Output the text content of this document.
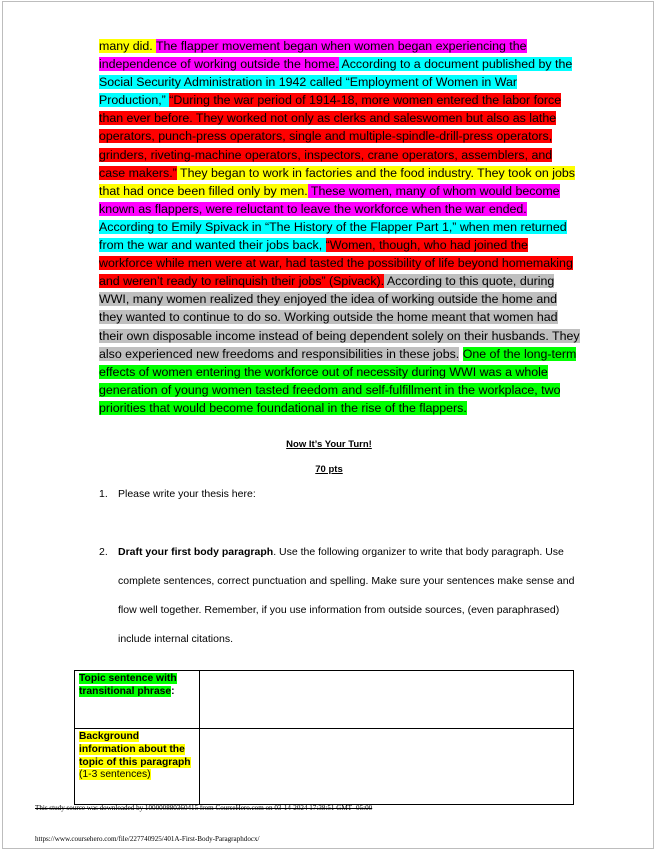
many did. The flapper movement began when women began experiencing the independence of working outside the home. According to a document published by the Social Security Administration in 1942 called “Employment of Women in War Production,” “During the war period of 1914-18, more women entered the labor force than ever before. They worked not only as clerks and saleswomen but also as lathe operators, punch-press operators, single and multiple-spindle-drill-press operators, grinders, riveting-machine operators, inspectors, crane operators, assemblers, and case makers.” They began to work in factories and the food industry. They took on jobs that had once been filled only by men. These women, many of whom would become known as flappers, were reluctant to leave the workforce when the war ended. According to Emily Spivack in “The History of the Flapper Part 1,” when men returned from the war and wanted their jobs back, “Women, though, who had joined the workforce while men were at war, had tasted the possibility of life beyond homemaking and weren’t ready to relinquish their jobs” (Spivack). According to this quote, during WWI, many women realized they enjoyed the idea of working outside the home and they wanted to continue to do so. Working outside the home meant that women had their own disposable income instead of being dependent solely on their husbands. They also experienced new freedoms and responsibilities in these jobs. One of the long-term effects of women entering the workforce out of necessity during WWI was a whole generation of young women tasted freedom and self-fulfillment in the workplace, two priorities that would become foundational in the rise of the flappers.

Now It’s Your Turn!
70 pts
1. Please write your thesis here:
2. Draft your first body paragraph. Use the following organizer to write that body paragraph. Use complete sentences, correct punctuation and spelling. Make sure your sentences make sense and flow well together. Remember, if you use information from outside sources, (even paraphrased) include internal citations.
Topic sentence with transitional phrase:	
Background information about the topic of this paragraph (1-3 sentences)	
This study source was downloaded by 100000880360415 from CourseHero.com on 03-14-2024 17:38:51 GMT -05:00
https://www.coursehero.com/file/227740925/401A-First-Body-Paragraphdocx/
